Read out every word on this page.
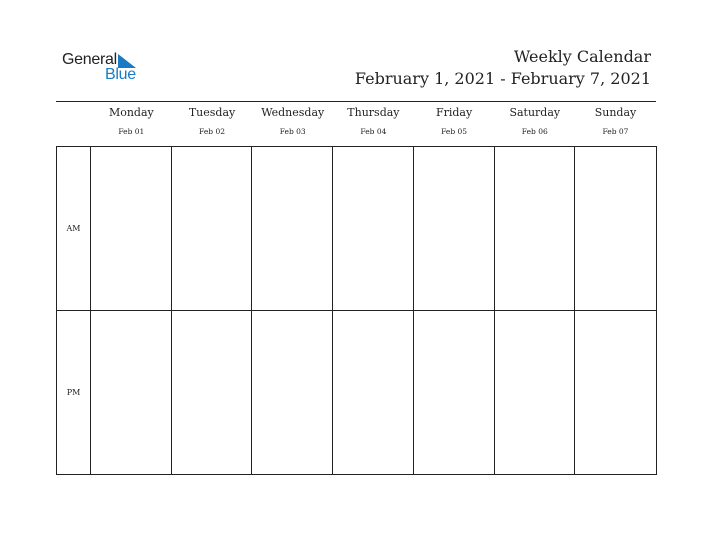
General
Blue
Weekly Calendar
February 1, 2021 - February 7, 2021
Monday
Feb 01
Tuesday
Feb 02
Wednesday
Feb 03
Thursday
Feb 04
Friday
Feb 05
Saturday
Feb 06
Sunday
Feb 07
AM
PM
